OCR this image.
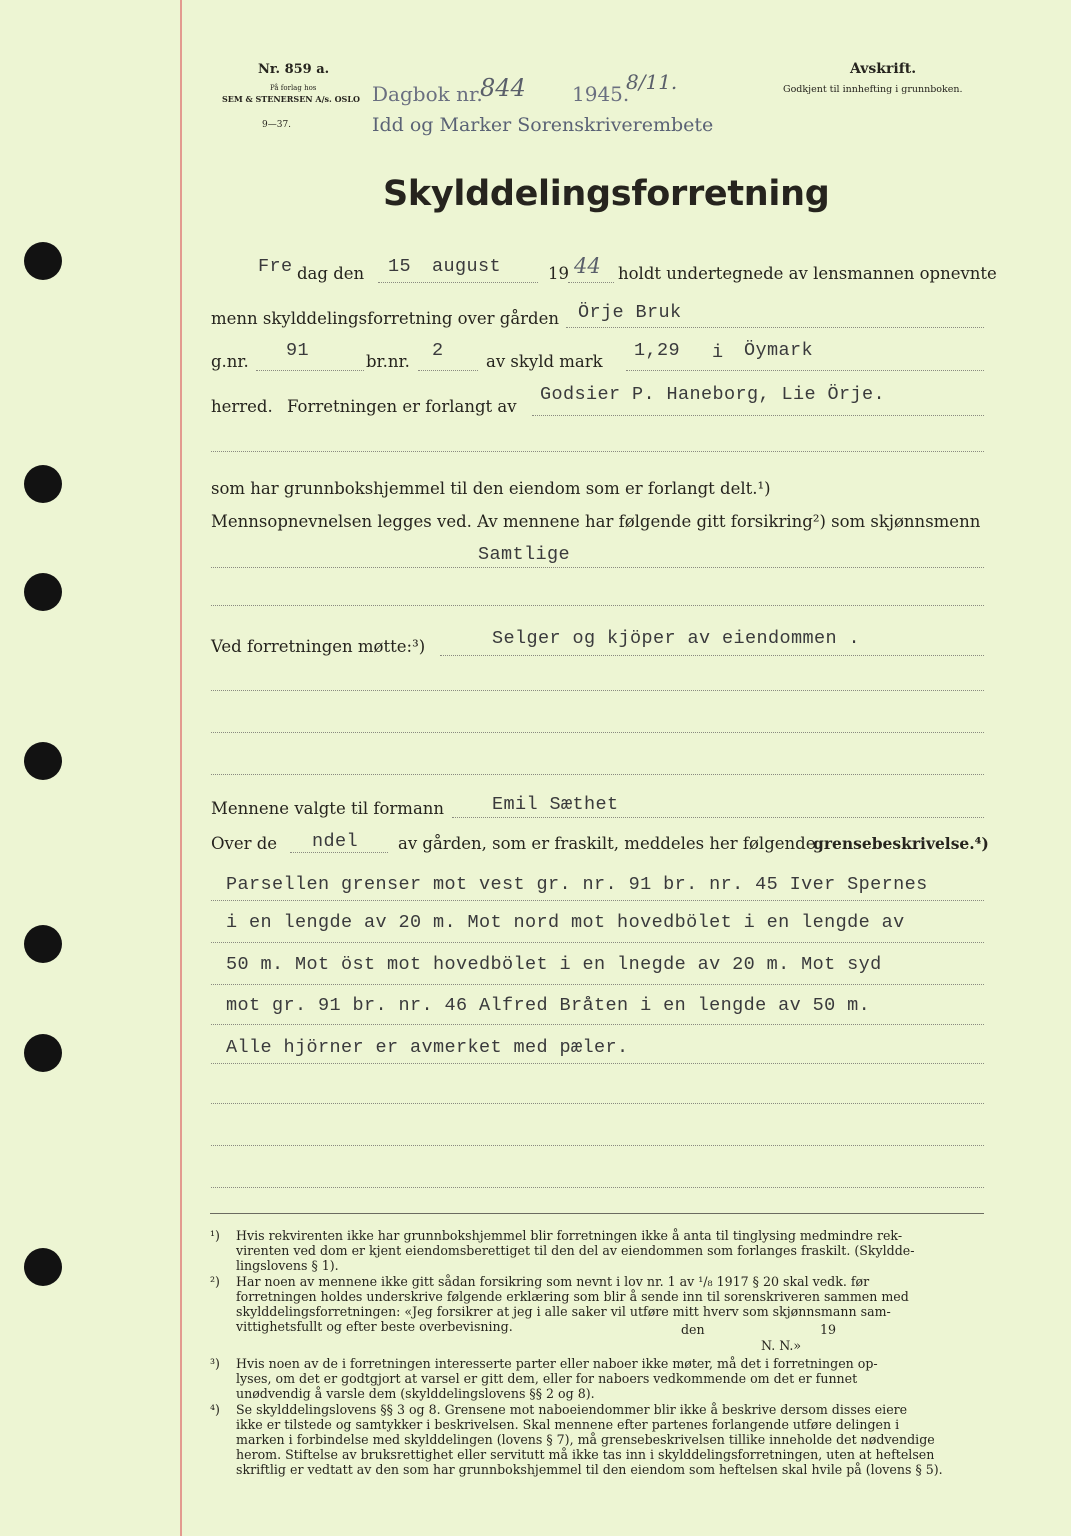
Nr. 859 a.
På forlag hos
SEM & STENERSEN A/s. OSLO
9—37.
Dagbok nr.
844 1945.
8/11.
Idd og Marker Sorenskriverembete
Avskrift.
Godkjent til innhefting i grunnboken.
Skylddelingsforretning
Fre dag den 15 august	19 44 holdt undertegnede av lensmannen opnevnte
menn skylddelingsforretning over gården Örje Bruk
g.nr.
91
br.nr.
2
av skyld mark
1,29 i Öymark
herred. Forretningen er forlangt av
Godsier P. Haneborg, Lie Örje.
som har grunnbokshjemmel til den eiendom som er forlangt delt.¹)
Mennsopnevnelsen legges ved. Av mennene har følgende gitt forsikring²) som skjønnsmenn
Samtlige
Ved forretningen møtte:³)	Selger og kjöper av eiendommen .
Mennene valgte til formann	Emil Sæthet
Over de ndel av gården, som er fraskilt, meddeles her følgende
grensebeskrivelse.⁴)
Parsellen grenser mot vest gr. nr. 91 br. nr. 45 Iver Spernes
i en lengde av 20 m. Mot nord mot hovedbölet i en lengde av
50 m. Mot öst mot hovedbölet i en lnegde av 20 m. Mot syd
mot gr. 91 br. nr. 46 Alfred Bråten i en lengde av 50 m.
Alle hjörner er avmerket med pæler.
¹) Hvis rekvirenten ikke har grunnbokshjemmel blir forretningen ikke å anta til tinglysing medmindre rek-
virenten ved dom er kjent eiendomsberettiget til den del av eiendommen som forlanges fraskilt. (Skyldde-
lingslovens § 1).
²) Har noen av mennene ikke gitt sådan forsikring som nevnt i lov nr. 1 av ¹/₈ 1917 § 20 skal vedk. før
forretningen holdes underskrive følgende erklæring som blir å sende inn til sorenskriveren sammen med
skylddelingsforretningen: «Jeg forsikrer at jeg i alle saker vil utføre mitt hverv som skjønnsmann sam-
vittighetsfullt og efter beste overbevisning.	den	19
N. N.»
³) Hvis noen av de i forretningen interesserte parter eller naboer ikke møter, må det i forretningen op-
lyses, om det er godtgjort at varsel er gitt dem, eller for naboers vedkommende om det er funnet
unødvendig å varsle dem (skylddelingslovens §§ 2 og 8).
⁴) Se skylddelingslovens §§ 3 og 8. Grensene mot naboeiendommer blir ikke å beskrive dersom disses eiere
ikke er tilstede og samtykker i beskrivelsen. Skal mennene efter partenes forlangende utføre delingen i
marken i forbindelse med skylddelingen (lovens § 7), må grensebeskrivelsen tillike inneholde det nødvendige
herom. Stiftelse av bruksrettighet eller servitutt må ikke tas inn i skylddelingsforretningen, uten at heftelsen
skriftlig er vedtatt av den som har grunnbokshjemmel til den eiendom som heftelsen skal hvile på (lovens § 5).
